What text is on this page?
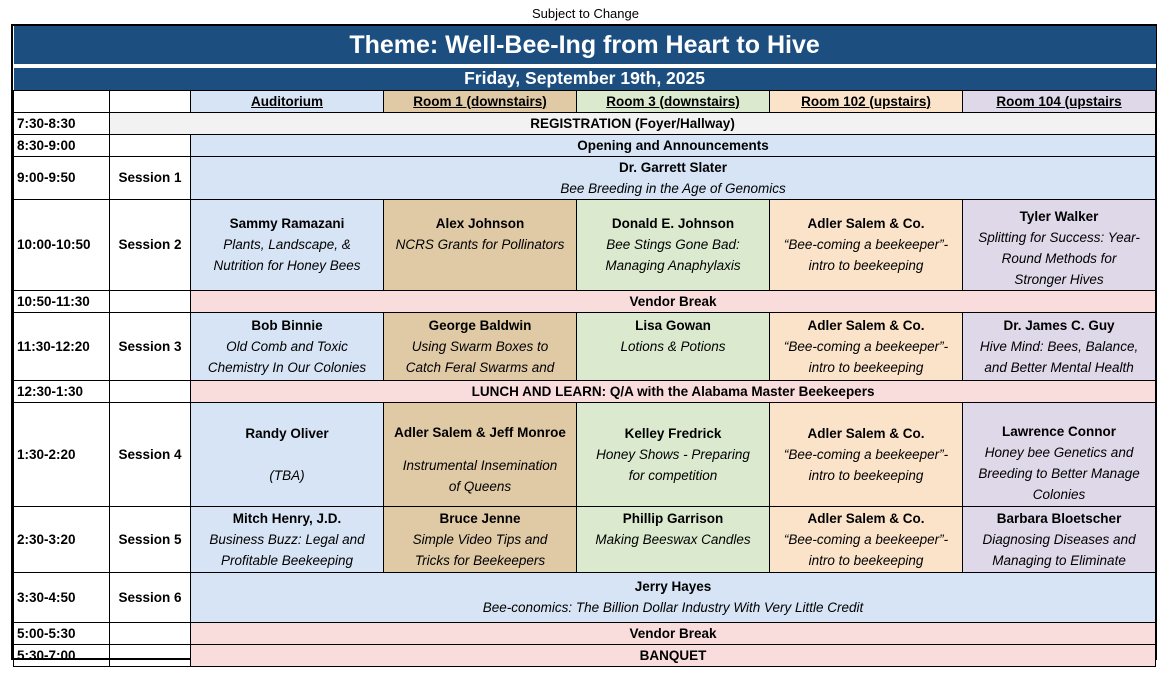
Subject to Change
Theme: Well-Bee-Ing from Heart to Hive						
Friday, September 19th, 2025						
		Auditorium	Room 1 (downstairs)	Room 3 (downstairs)	Room 102 (upstairs)	Room 104 (upstairs
7:30-8:30	REGISTRATION (Foyer/Hallway)					
8:30-9:00		Opening and Announcements				
9:00-9:50	Session 1	Dr. Garrett Slater
Bee Breeding in the Age of Genomics				

10:00-10:50	Session 2	Sammy Ramazani
Plants, Landscape, &
Nutrition for Honey Bees	Alex Johnson
NCRS Grants for Pollinators	Donald E. Johnson
Bee Stings Gone Bad:
Managing Anaphylaxis	Adler Salem & Co.
“Bee-coming a beekeeper”-
intro to beekeeping	Tyler Walker
Splitting for Success: Year-
Round Methods for
Stronger Hives

10:50-11:30		Vendor Break				
11:30-12:20	Session 3	Bob Binnie
Old Comb and Toxic
Chemistry In Our Colonies	George Baldwin
Using Swarm Boxes to
Catch Feral Swarms and	Lisa Gowan
Lotions & Potions	Adler Salem & Co.
“Bee-coming a beekeeper”-
intro to beekeeping	Dr. James C. Guy
Hive Mind: Bees, Balance,
and Better Mental Health

12:30-1:30		LUNCH AND LEARN: Q/A with the Alabama Master Beekeepers				
1:30-2:20	Session 4	Randy Oliver
(TBA)	Adler Salem & Jeff Monroe
Instrumental Insemination
of Queens	Kelley Fredrick
Honey Shows - Preparing
for competition	Adler Salem & Co.
“Bee-coming a beekeeper”-
intro to beekeeping	Lawrence Connor
Honey bee Genetics and
Breeding to Better Manage
Colonies

2:30-3:20	Session 5	Mitch Henry, J.D.
Business Buzz: Legal and
Profitable Beekeeping	Bruce Jenne
Simple Video Tips and
Tricks for Beekeepers	Phillip Garrison
Making Beeswax Candles	Adler Salem & Co.
“Bee-coming a beekeeper”-
intro to beekeeping	Barbara Bloetscher
Diagnosing Diseases and
Managing to Eliminate

3:30-4:50	Session 6	Jerry Hayes
Bee-conomics: The Billion Dollar Industry With Very Little Credit				

5:00-5:30		Vendor Break				
5:30-7:00		BANQUET				
